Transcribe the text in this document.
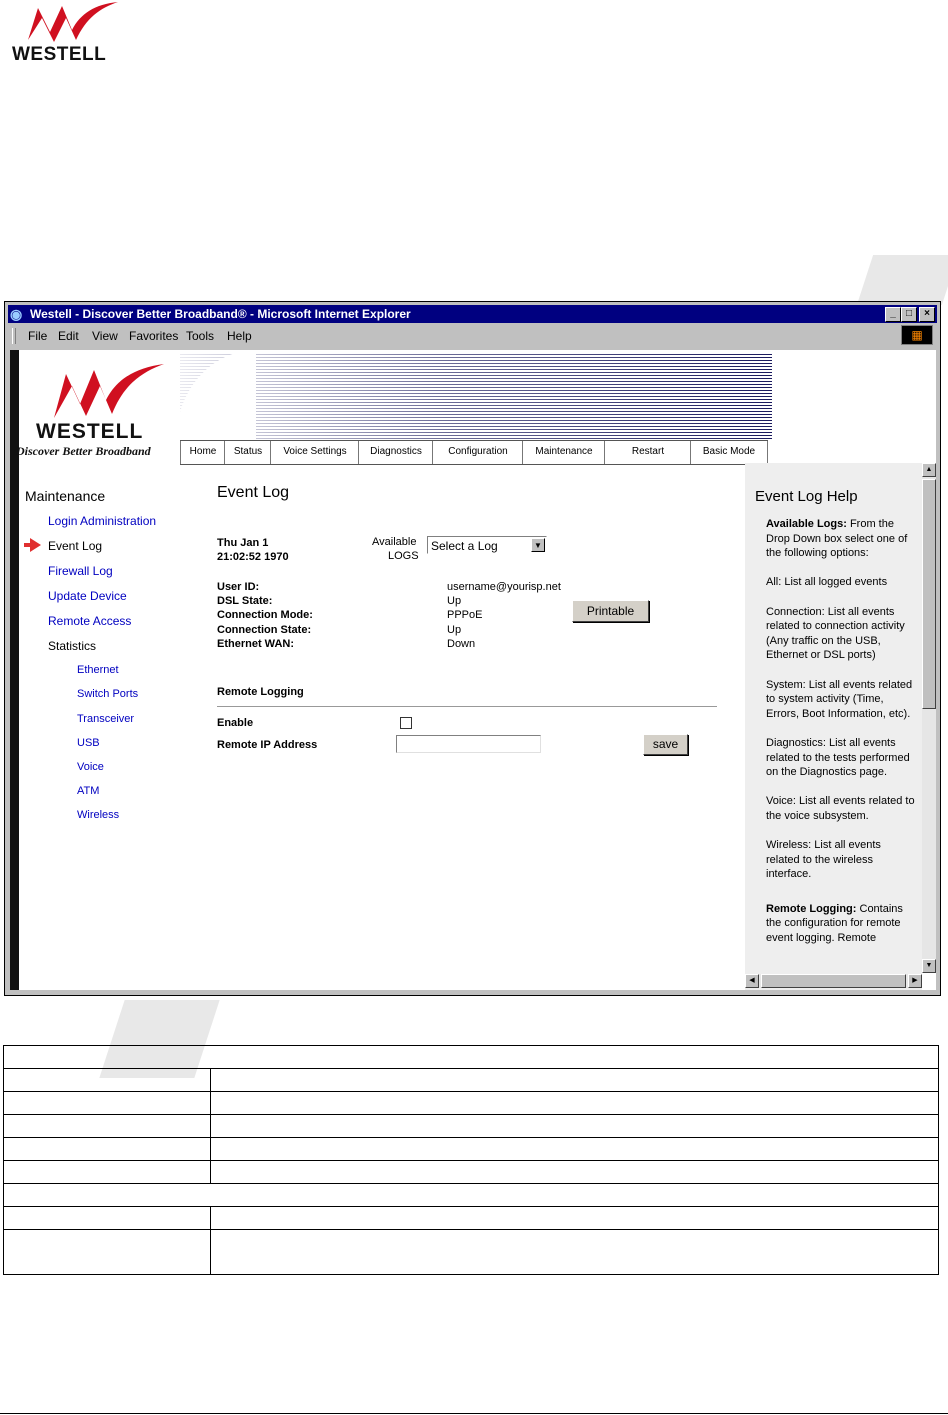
WESTELL
◉ Westell - Discover Better Broadband® - Microsoft Internet Explorer	_	□	×
File Edit View Favorites Tools Help	▦
WESTELL
Discover Better Broadband	Home	Status	Voice Settings	Diagnostics	Configuration	Maintenance	Restart	Basic Mode
Maintenance
Login Administration
Event Log
Firewall Log
Update Device
Remote Access
Statistics
Ethernet
Switch Ports
Transceiver
USB
Voice
ATM
Wireless
Event Log
Thu Jan 1
21:02:52 1970
Available
LOGS
Select a Log	▼
User ID:	username@yourisp.net
DSL State:	Up
Connection Mode:	PPPoE
Connection State:	Up
Ethernet WAN:	Down
Printable
Remote Logging
Enable
Remote IP Address	save
Event Log Help

Available Logs: From the Drop Down box select one of the following options:

All: List all logged events

Connection: List all events related to connection activity (Any traffic on the USB, Ethernet or DSL ports)

System: List all events related to system activity (Time, Errors, Boot Information, etc).

Diagnostics: List all events related to the tests performed on the Diagnostics page.

Voice: List all events related to the voice subsystem.

Wireless: List all events related to the wireless interface.

Remote Logging: Contains the configuration for remote event logging. Remote

▲
▼
◀	▶
